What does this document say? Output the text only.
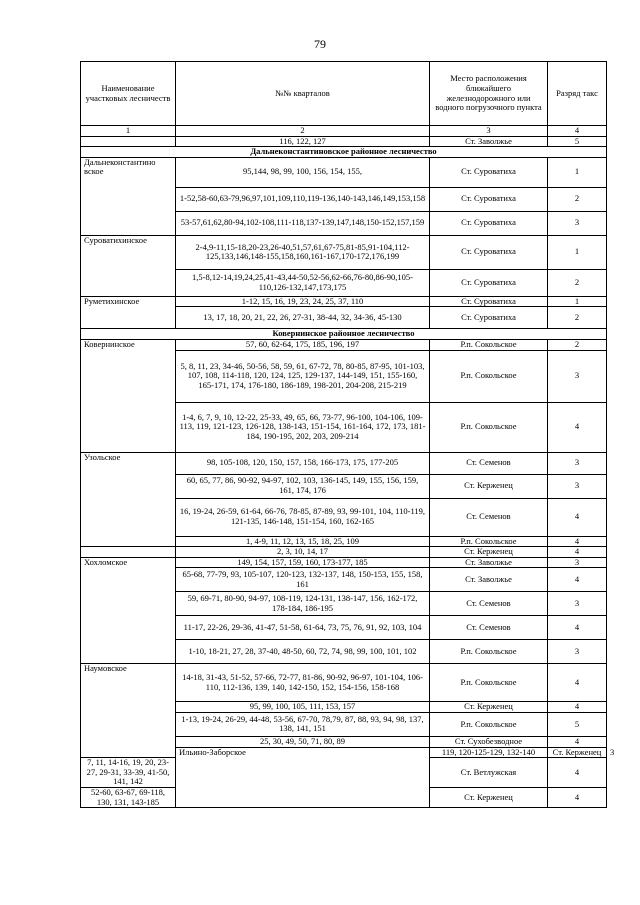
79
Наименование участковых лесничеств	№№ кварталов	Место расположения ближайшего железнодорожного или водного погрузочного пункта	Разряд такс	
1	2	3	4	
	116, 122, 127	Ст. Заволжье	5	
Дальнеконстантиновское районное лесничество				
Дальнеконстантино вское	95,144, 98, 99, 100, 156, 154, 155,	Ст. Суроватиха	1	
	1-52,58-60,63-79,96,97,101,109,110,119-136,140-143,146,149,153,158	Ст. Суроватиха	2	
	53-57,61,62,80-94,102-108,111-118,137-139,147,148,150-152,157,159	Ст. Суроватиха	3	
Суроватихинское	2-4,9-11,15-18,20-23,26-40,51,57,61,67-75,81-85,91-104,112-125,133,146,148-155,158,160,161-167,170-172,176,199	Ст. Суроватиха	1	
	1,5-8,12-14,19,24,25,41-43,44-50,52-56,62-66,76-80,86-90,105-110,126-132,147,173,175	Ст. Суроватиха	2	
Руметихинское	1-12, 15, 16, 19, 23, 24, 25, 37, 110	Ст. Суроватиха	1	
	13, 17, 18, 20, 21, 22, 26, 27-31, 38-44, 32, 34-36, 45-130	Ст. Суроватиха	2	
Ковернинское районное лесничество				
Ковернинское	57, 60, 62-64, 175, 185, 196, 197	Р.п. Сокольское	2	
	5, 8, 11, 23, 34-46, 50-56, 58, 59, 61, 67-72, 78, 80-85, 87-95, 101-103, 107, 108, 114-118, 120, 124, 125, 129-137, 144-149, 151, 155-160, 165-171, 174, 176-180, 186-189, 198-201, 204-208, 215-219	Р.п. Сокольское	3	
	1-4, 6, 7, 9, 10, 12-22, 25-33, 49, 65, 66, 73-77, 96-100, 104-106, 109-113, 119, 121-123, 126-128, 138-143, 151-154, 161-164, 172, 173, 181-184, 190-195, 202, 203, 209-214	Р.п. Сокольское	4	
Узольское	98, 105-108, 120, 150, 157, 158, 166-173, 175, 177-205	Ст. Семенов	3	
	60, 65, 77, 86, 90-92, 94-97, 102, 103, 136-145, 149, 155, 156, 159, 161, 174, 176	Ст. Керженец	3	
	16, 19-24, 26-59, 61-64, 66-76, 78-85, 87-89, 93, 99-101, 104, 110-119, 121-135, 146-148, 151-154, 160, 162-165	Ст. Семенов	4	
	1, 4-9, 11, 12, 13, 15, 18, 25, 109	Р.п. Сокольское	4	
	2, 3, 10, 14, 17	Ст. Керженец	4	
Хохломское	149, 154, 157, 159, 160, 173-177, 185	Ст. Заволжье	3	
	65-68, 77-79, 93, 105-107, 120-123, 132-137, 148, 150-153, 155, 158, 161	Ст. Заволжье	4	
	59, 69-71, 80-90, 94-97, 108-119, 124-131, 138-147, 156, 162-172, 178-184, 186-195	Ст. Семенов	3	
	11-17, 22-26, 29-36, 41-47, 51-58, 61-64, 73, 75, 76, 91, 92, 103, 104	Ст. Семенов	4	
	1-10, 18-21, 27, 28, 37-40, 48-50, 60, 72, 74, 98, 99, 100, 101, 102	Р.п. Сокольское	3	
Наумовское	14-18, 31-43, 51-52, 57-66, 72-77, 81-86, 90-92, 96-97, 101-104, 106-110, 112-136, 139, 140, 142-150, 152, 154-156, 158-168	Р.п. Сокольское	4	
	95, 99, 100, 105, 111, 153, 157	Ст. Керженец	4	
	1-13, 19-24, 26-29, 44-48, 53-56, 67-70, 78,79, 87, 88, 93, 94, 98, 137, 138, 141, 151	Р.п. Сокольское	5	
	25, 30, 49, 50, 71, 80, 89	Ст. Сухобезводное	4	
	Ильино-Заборское	119, 120-125-129, 132-140	Ст. Керженец	3
7, 11, 14-16, 19, 20, 23-27, 29-31, 33-39, 41-50, 141, 142		Ст. Ветлужская	4	
52-60, 63-67, 69-118, 130, 131, 143-185		Ст. Керженец	4	
